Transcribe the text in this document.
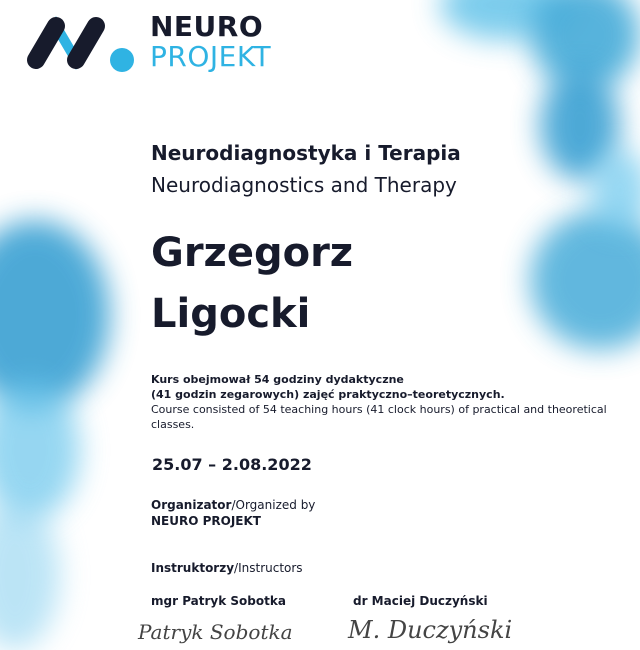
NEURO
PROJEKT
Neurodiagnostyka i Terapia
Neurodiagnostics and Therapy
Grzegorz
Ligocki
Kurs obejmował 54 godziny dydaktyczne
(41 godzin zegarowych) zajęć praktyczno–teoretycznych.
Course consisted of 54 teaching hours (41 clock hours) of practical and theoretical
classes.
25.07 – 2.08.2022
Organizator/Organized by
NEURO PROJEKT
Instruktorzy/Instructors
mgr Patryk Sobotka	dr Maciej Duczyński
Patryk Sobotka M. Duczyński
